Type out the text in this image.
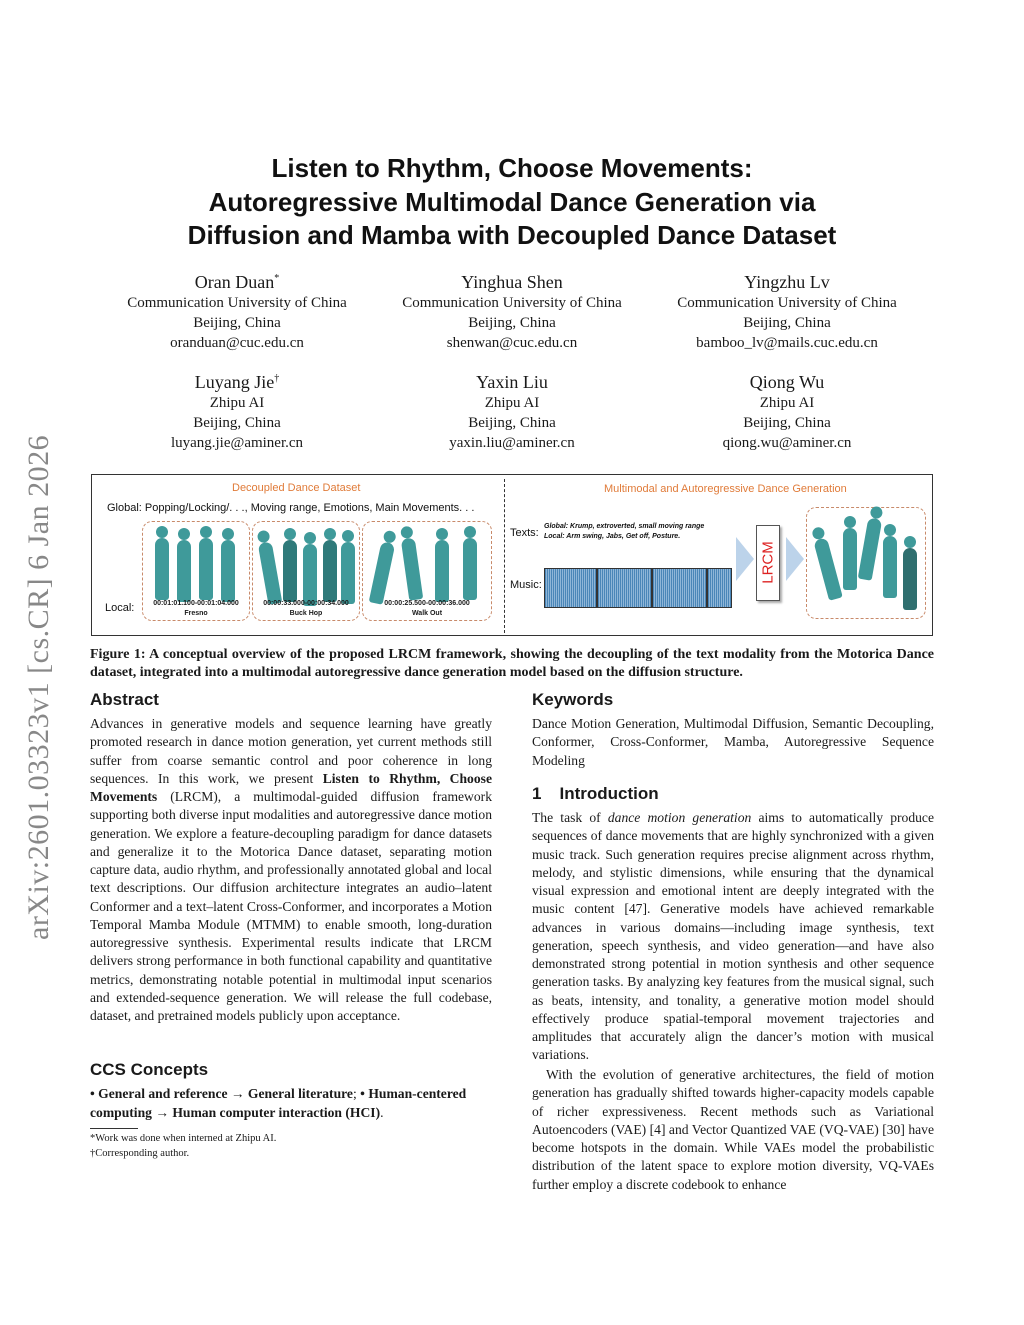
Listen to Rhythm, Choose Movements:
Autoregressive Multimodal Dance Generation via
Diffusion and Mamba with Decoupled Dance Dataset
Oran Duan*
Communication University of China
Beijing, China
oranduan@cuc.edu.cn
Yinghua Shen
Communication University of China
Beijing, China
shenwan@cuc.edu.cn
Yingzhu Lv
Communication University of China
Beijing, China
bamboo_lv@mails.cuc.edu.cn
Luyang Jie†
Zhipu AI
Beijing, China
luyang.jie@aminer.cn
Yaxin Liu
Zhipu AI
Beijing, China
yaxin.liu@aminer.cn
Qiong Wu
Zhipu AI
Beijing, China
qiong.wu@aminer.cn
arXiv:2601.03323v1 [cs.CR] 6 Jan 2026	Decoupled Dance Dataset
Global: Popping/Locking/. . ., Moving range, Emotions, Main Movements. . .
Local:	00:01:01.100-00:01:04.000
Fresno
00:00:33.000-00:00:34.000
Buck Hop
00:00:25.500-00:00:36.000
Walk Out
Multimodal and Autoregressive Dance Generation
Texts:
Global: Krump, extroverted, small moving range
Local: Arm swing, Jabs, Get off, Posture.
Music:
LRCM
Figure 1: A conceptual overview of the proposed LRCM framework, showing the decoupling of the text modality from the Motorica Dance dataset, integrated into a multimodal autoregressive dance generation model based on the diffusion structure.
Abstract
Advances in generative models and sequence learning have greatly promoted research in dance motion generation, yet current methods still suffer from coarse semantic control and poor coherence in long sequences. In this work, we present Listen to Rhythm, Choose Movements (LRCM), a multimodal-guided diffusion framework supporting both diverse input modalities and autoregressive dance motion generation. We explore a feature-decoupling paradigm for dance datasets and generalize it to the Motorica Dance dataset, separating motion capture data, audio rhythm, and professionally annotated global and local text descriptions. Our diffusion architecture integrates an audio–latent Conformer and a text–latent Cross-Conformer, and incorporates a Motion Temporal Mamba Module (MTMM) to enable smooth, long-duration autoregressive synthesis. Experimental results indicate that LRCM delivers strong performance in both functional capability and quantitative metrics, demonstrating notable potential in multimodal input scenarios and extended-sequence generation. We will release the full codebase, dataset, and pretrained models publicly upon acceptance.
CCS Concepts
• General and reference → General literature; • Human-centered computing → Human computer interaction (HCI).
*Work was done when interned at Zhipu AI.
†Corresponding author.
Keywords
Dance Motion Generation, Multimodal Diffusion, Semantic Decoupling, Conformer, Cross-Conformer, Mamba, Autoregressive Sequence Modeling
1 Introduction
The task of dance motion generation aims to automatically produce sequences of dance movements that are highly synchronized with a given music track. Such generation requires precise alignment across rhythm, melody, and stylistic dimensions, while ensuring that the dynamical visual expression and emotional intent are deeply integrated with the music content [47]. Generative models have achieved remarkable advances in various domains—including image synthesis, text generation, speech synthesis, and video generation—and have also demonstrated strong potential in motion synthesis and other sequence generation tasks. By analyzing key features from the musical signal, such as beats, intensity, and tonality, a generative motion model should effectively produce spatial-temporal movement trajectories and amplitudes that accurately align the dancer’s motion with musical variations.
With the evolution of generative architectures, the field of motion generation has gradually shifted towards higher-capacity models capable of richer expressiveness. Recent methods such as Variational Autoencoders (VAE) [4] and Vector Quantized VAE (VQ-VAE) [30] have become hotspots in the domain. While VAEs model the probabilistic distribution of the latent space to explore motion diversity, VQ-VAEs further employ a discrete codebook to enhance
